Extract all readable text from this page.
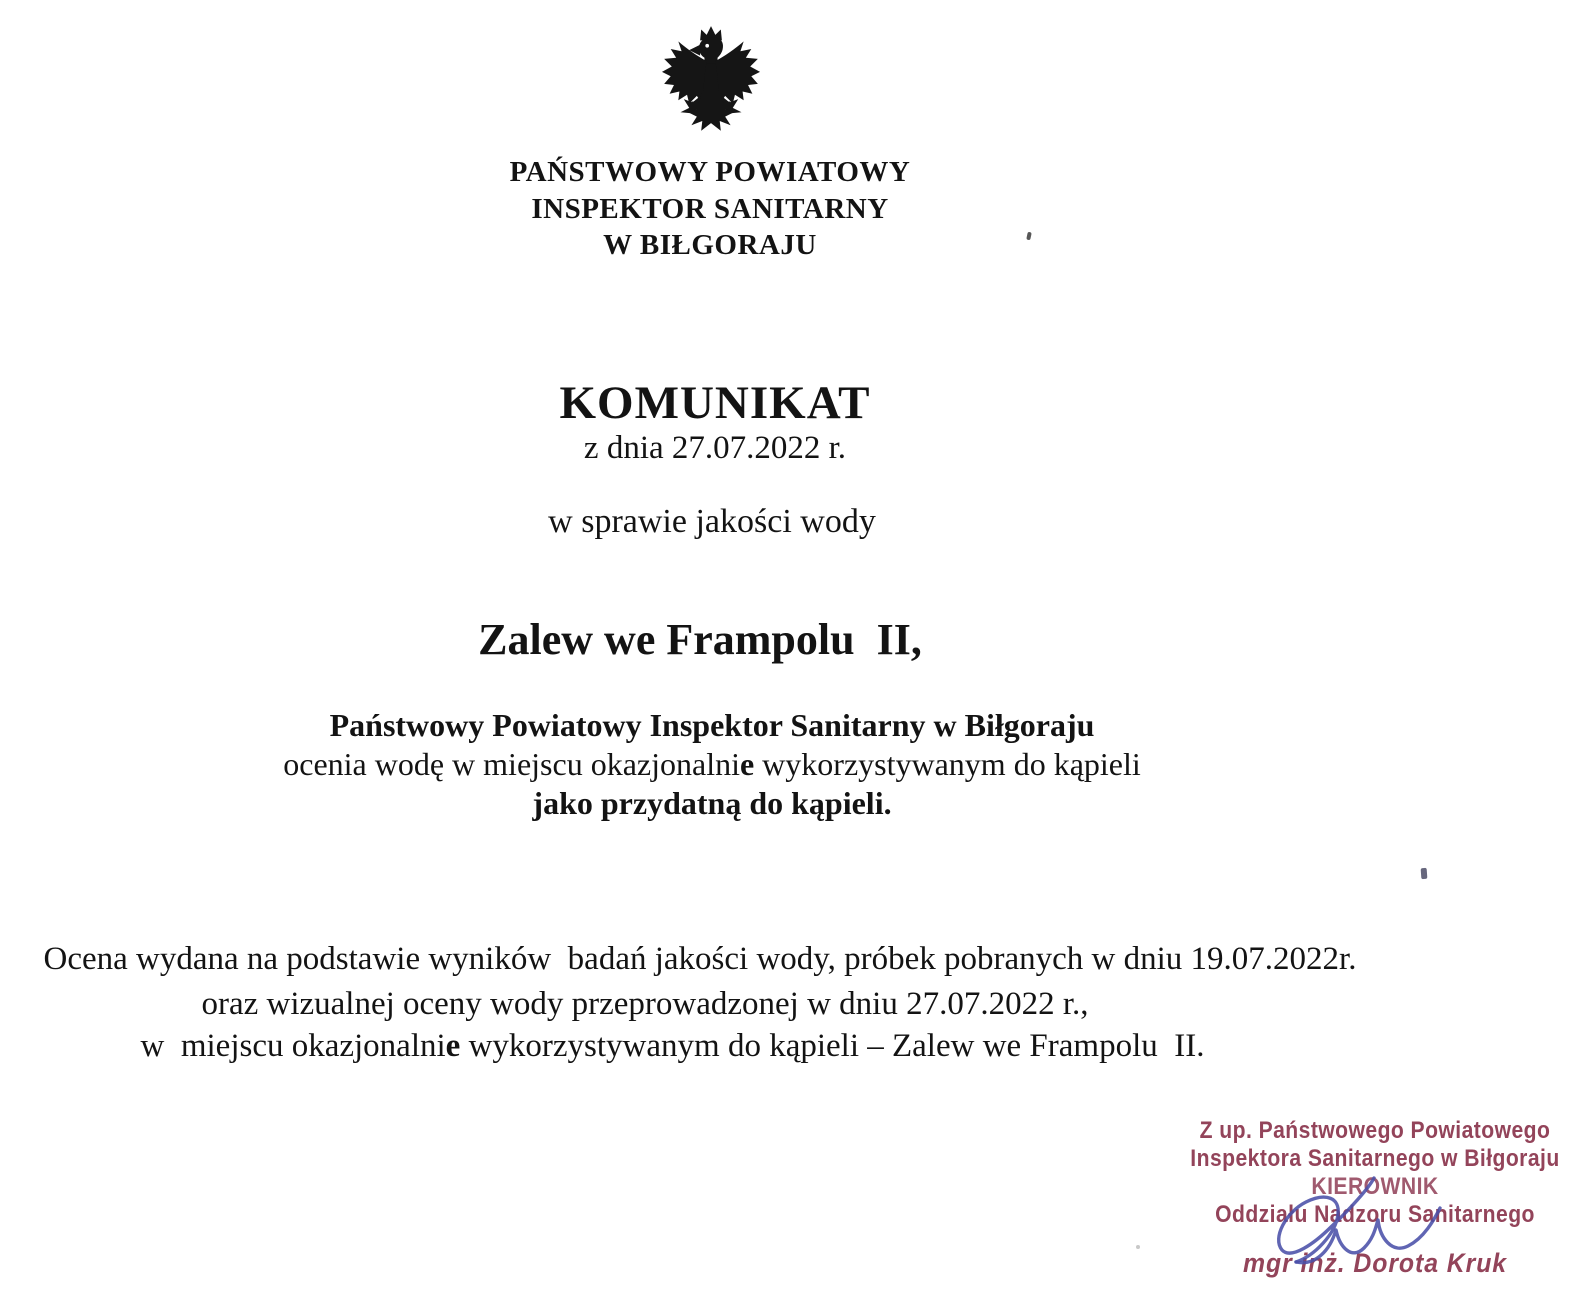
PAŃSTWOWY POWIATOWY
INSPEKTOR SANITARNY
W BIŁGORAJU
KOMUNIKAT
z dnia 27.07.2022 r.
w sprawie jakości wody
Zalew we Frampolu  II,
Państwowy Powiatowy Inspektor Sanitarny w Biłgoraju
ocenia wodę w miejscu okazjonalnie wykorzystywanym do kąpieli
jako przydatną do kąpieli.
Ocena wydana na podstawie wyników  badań jakości wody, próbek pobranych w dniu 19.07.2022r.
oraz wizualnej oceny wody przeprowadzonej w dniu 27.07.2022 r.,
w  miejscu okazjonalnie wykorzystywanym do kąpieli – Zalew we Frampolu  II.
Z up. Państwowego Powiatowego
Inspektora Sanitarnego w Biłgoraju
KIEROWNIK
Oddziału Nadzoru Sanitarnego
mgr inż. Dorota Kruk
